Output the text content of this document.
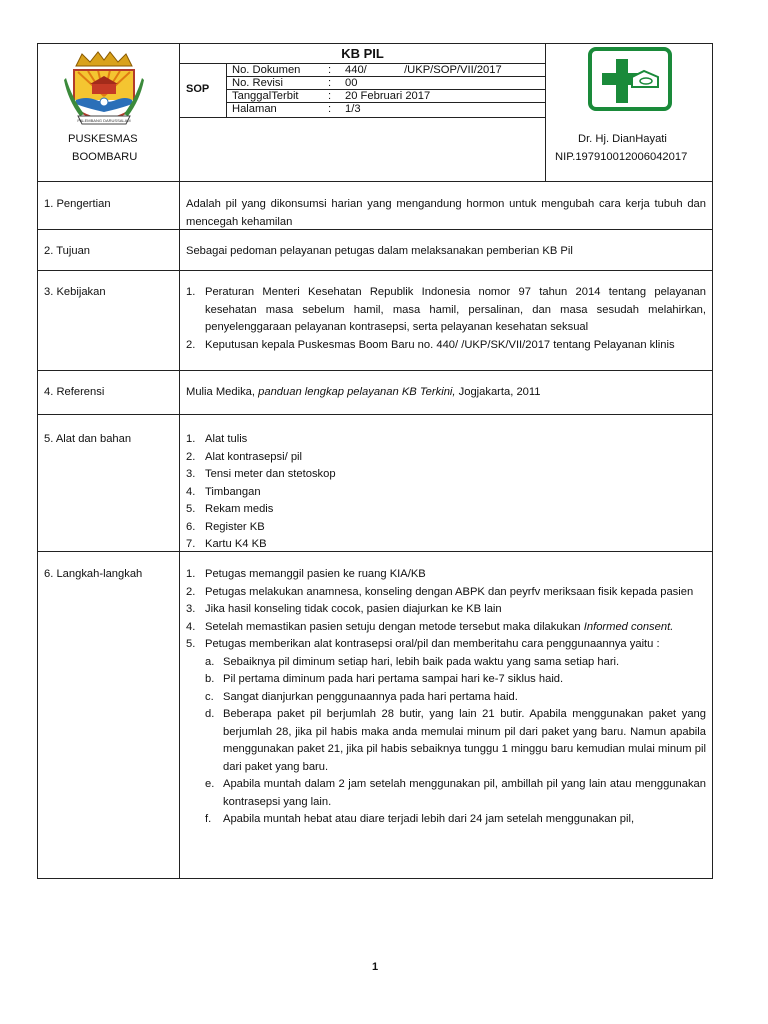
PALEMBANG DARUSSALAM
PUSKESMAS
BOOMBARU
KB PIL
SOP
No. Dokumen : 440/            /UKP/SOP/VII/2017
No. Revisi	: 00
TanggalTerbit	: 20 Februari 2017
Halaman	: 1/3
Dr. Hj. DianHayati
NIP.197910012006042017
1. Pengertian	Adalah pil yang dikonsumsi harian yang mengandung hormon untuk mengubah cara kerja tubuh dan mencegah kehamilan
2. Tujuan	Sebagai pedoman pelayanan petugas dalam melaksanakan pemberian KB Pil
3. Kebijakan	1. Peraturan Menteri Kesehatan Republik Indonesia nomor 97 tahun 2014 tentang pelayanan kesehatan masa sebelum hamil, masa hamil, persalinan, dan masa sesudah melahirkan, penyelenggaraan pelayanan kontrasepsi, serta pelayanan kesehatan seksual
2. Keputusan kepala Puskesmas Boom Baru no. 440/ /UKP/SK/VII/2017 tentang Pelayanan klinis
4. Referensi	Mulia Medika, panduan lengkap pelayanan KB Terkini, Jogjakarta, 2011
5. Alat dan bahan	1. Alat tulis
2. Alat kontrasepsi/ pil
3. Tensi meter dan stetoskop
4. Timbangan
5. Rekam medis
6. Register KB
7. Kartu K4 KB
6. Langkah-langkah	1. Petugas memanggil pasien ke ruang KIA/KB
2. Petugas melakukan anamnesa, konseling dengan ABPK dan peyrfv meriksaan fisik kepada pasien
3. Jika hasil konseling tidak cocok, pasien diajurkan ke KB lain
4. Setelah memastikan pasien setuju dengan metode tersebut maka dilakukan Informed consent.
5. Petugas memberikan alat kontrasepsi oral/pil dan memberitahu cara penggunaannya yaitu :
a. Sebaiknya pil diminum setiap hari, lebih baik pada waktu yang sama setiap hari.
b. Pil pertama diminum pada hari pertama sampai hari ke-7 siklus haid.
c. Sangat dianjurkan penggunaannya pada hari pertama haid.
d. Beberapa paket pil berjumlah 28 butir, yang lain 21 butir. Apabila menggunakan paket yang berjumlah 28, jika pil habis maka anda memulai minum pil dari paket yang baru. Namun apabila menggunakan paket 21, jika pil habis sebaiknya tunggu 1 minggu baru kemudian mulai minum pil dari paket yang baru.
e. Apabila muntah dalam 2 jam setelah menggunakan pil, ambillah pil yang lain atau menggunakan kontrasepsi yang lain.
f. Apabila muntah hebat atau diare terjadi lebih dari 24 jam setelah menggunakan pil,
1
